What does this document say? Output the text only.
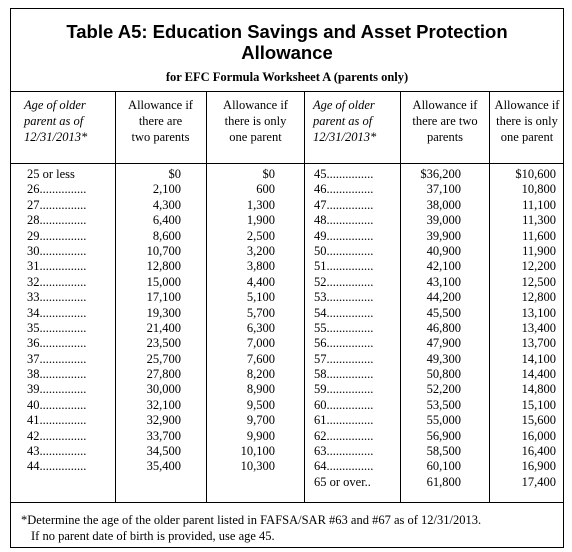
Table A5: Education Savings and Asset Protection
Allowance
for EFC Formula Worksheet A (parents only)
Age of older
parent as of
12/31/2013*
Allowance if
there are
two parents
Allowance if
there is only
one parent
Age of older
parent as of
12/31/2013*
Allowance if
there are two
parents
Allowance if
there is only
one parent
25 or less
26...............
27...............
28...............
29...............
30...............
31...............
32...............
33...............
34...............
35...............
36...............
37...............
38...............
39...............
40...............
41...............
42...............
43...............
44...............
$0
2,100
4,300
6,400
8,600
10,700
12,800
15,000
17,100
19,300
21,400
23,500
25,700
27,800
30,000
32,100
32,900
33,700
34,500
35,400
$0
600
1,300
1,900
2,500
3,200
3,800
4,400
5,100
5,700
6,300
7,000
7,600
8,200
8,900
9,500
9,700
9,900
10,100
10,300
45...............
46...............
47...............
48...............
49...............
50...............
51...............
52...............
53...............
54...............
55...............
56...............
57...............
58...............
59...............
60...............
61...............
62...............
63...............
64...............
65 or over..
$36,200
37,100
38,000
39,000
39,900
40,900
42,100
43,100
44,200
45,500
46,800
47,900
49,300
50,800
52,200
53,500
55,000
56,900
58,500
60,100
61,800
$10,600
10,800
11,100
11,300
11,600
11,900
12,200
12,500
12,800
13,100
13,400
13,700
14,100
14,400
14,800
15,100
15,600
16,000
16,400
16,900
17,400
*Determine the age of the older parent listed in FAFSA/SAR #63 and #67 as of 12/31/2013.
If no parent date of birth is provided, use age 45.
